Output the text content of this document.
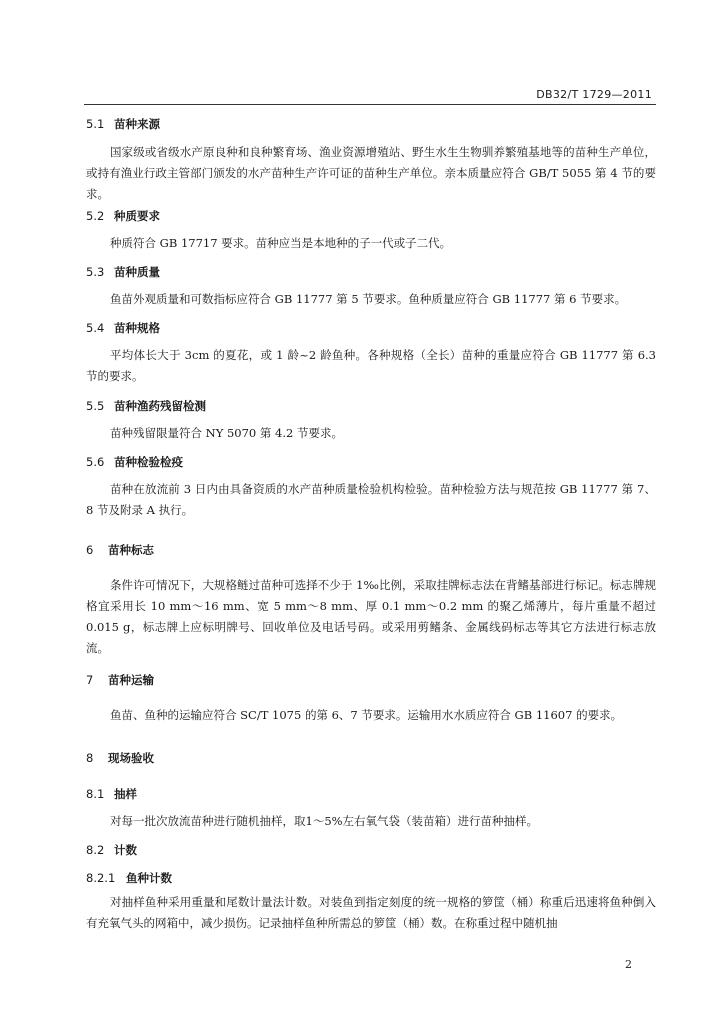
DB32/T 1729—2011

5.1 苗种来源

国家级或省级水产原良种和良种繁育场、渔业资源增殖站、野生水生生物驯养繁殖基地等的苗种生产单位，或持有渔业行政主管部门颁发的水产苗种生产许可证的苗种生产单位。亲本质量应符合 GB/T 5055 第 4 节的要求。

5.2 种质要求

种质符合 GB 17717 要求。苗种应当是本地种的子一代或子二代。

5.3 苗种质量

鱼苗外观质量和可数指标应符合 GB 11777 第 5 节要求。鱼种质量应符合 GB 11777 第 6 节要求。

5.4 苗种规格

平均体长大于 3cm 的夏花，或 1 龄~2 龄鱼种。各种规格（全长）苗种的重量应符合 GB 11777 第 6.3 节的要求。

5.5 苗种渔药残留检测

苗种残留限量符合 NY 5070 第 4.2 节要求。

5.6 苗种检验检疫

苗种在放流前 3 日内由具备资质的水产苗种质量检验机构检验。苗种检验方法与规范按 GB 11777 第 7、8 节及附录 A 执行。

6 苗种标志

条件许可情况下，大规格鲢过苗种可选择不少于 1‰比例，采取挂牌标志法在背鳍基部进行标记。标志牌规格宜采用长 10 mm～16 mm、宽 5 mm～8 mm、厚 0.1 mm～0.2 mm 的聚乙烯薄片，每片重量不超过 0.015 g，标志牌上应标明牌号、回收单位及电话号码。或采用剪鳍条、金属线码标志等其它方法进行标志放流。

7 苗种运输

鱼苗、鱼种的运输应符合 SC/T 1075 的第 6、7 节要求。运输用水水质应符合 GB 11607 的要求。

8 现场验收

8.1 抽样

对每一批次放流苗种进行随机抽样，取1～5%左右氧气袋（装苗箱）进行苗种抽样。

8.2 计数

8.2.1 鱼种计数

对抽样鱼种采用重量和尾数计量法计数。对装鱼到指定刻度的统一规格的箩筐（桶）称重后迅速将鱼种倒入有充氧气头的网箱中，减少损伤。记录抽样鱼种所需总的箩筐（桶）数。在称重过程中随机抽

2
